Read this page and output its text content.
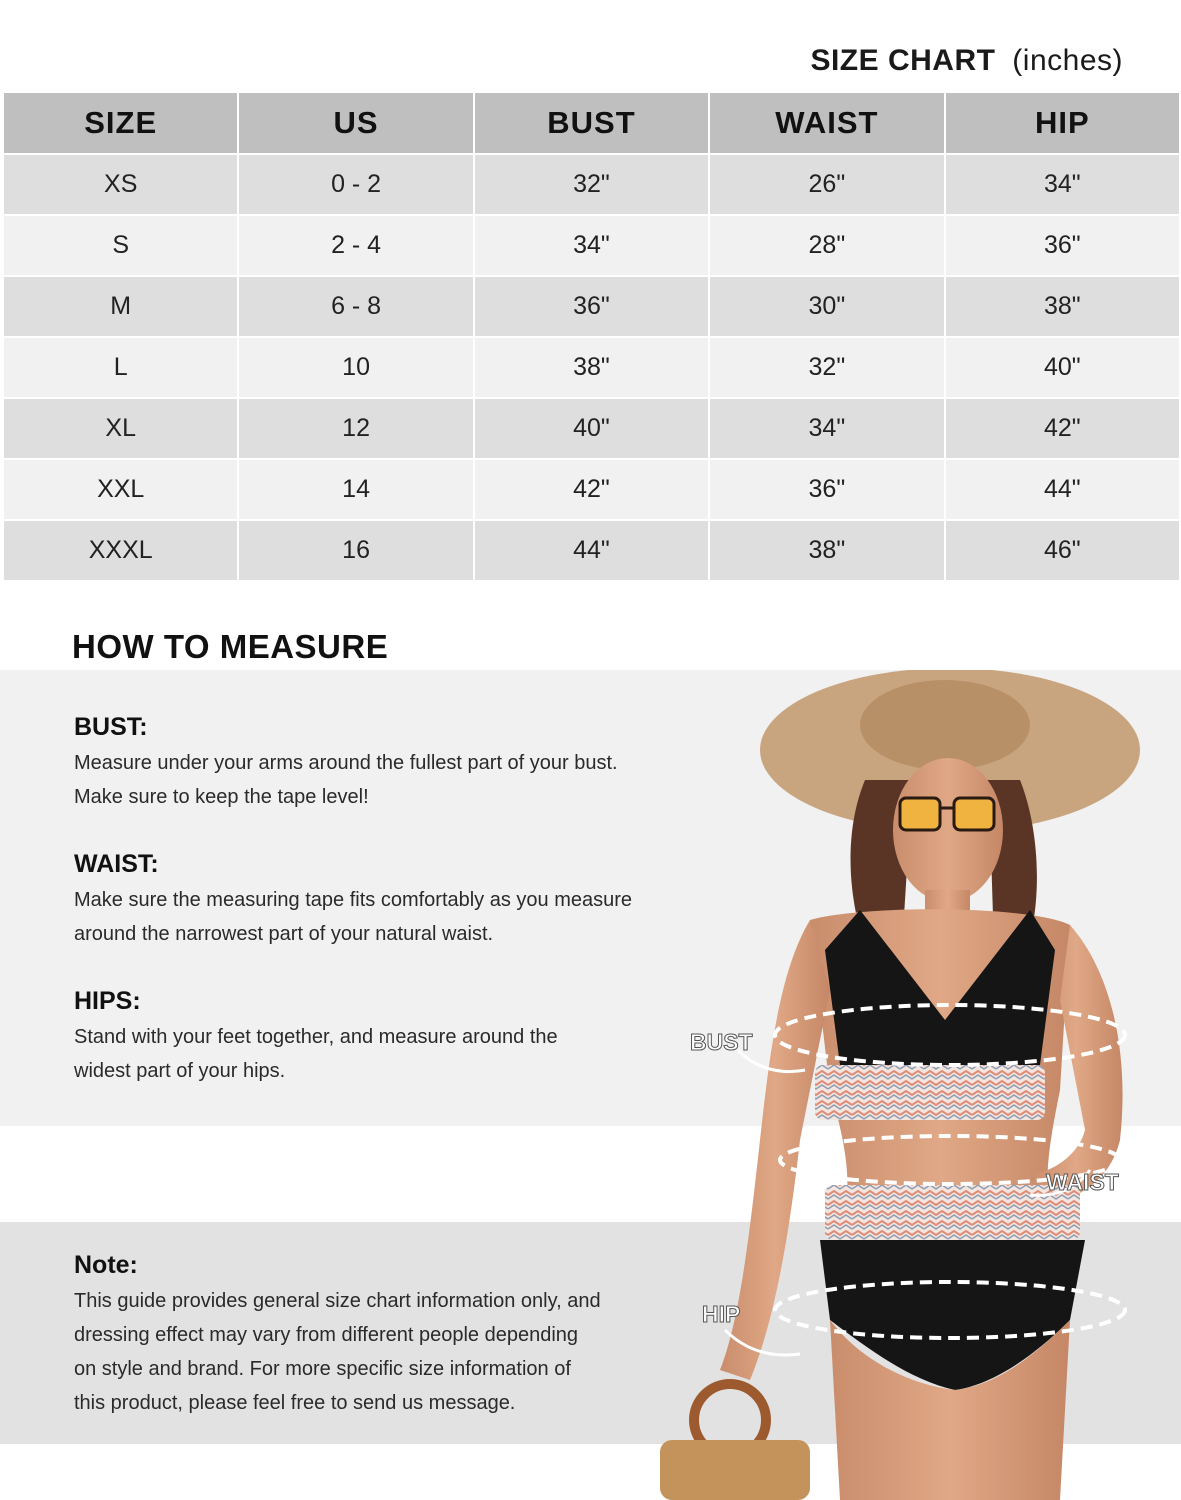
SIZE CHART (inches)
SIZE	US	BUST	WAIST	HIP
XS	0 - 2	32"	26"	34"
S	2 - 4	34"	28"	36"
M	6 - 8	36"	30"	38"
L	10	38"	32"	40"
XL	12	40"	34"	42"
XXL	14	42"	36"	44"
XXXL	16	44"	38"	46"
HOW TO MEASURE
BUST:

Measure under your arms around the fullest part of your bust.
Make sure to keep the tape level!

WAIST:

Make sure the measuring tape fits comfortably as you measure
around the narrowest part of your natural waist.

HIPS:

Stand with your feet together, and measure around the
widest part of your hips.

Note:

This guide provides general size chart information only, and
dressing effect may vary from different people depending
on style and brand. For more specific size information of
this product, please feel free to send us message.

BUST
WAIST
HIP
